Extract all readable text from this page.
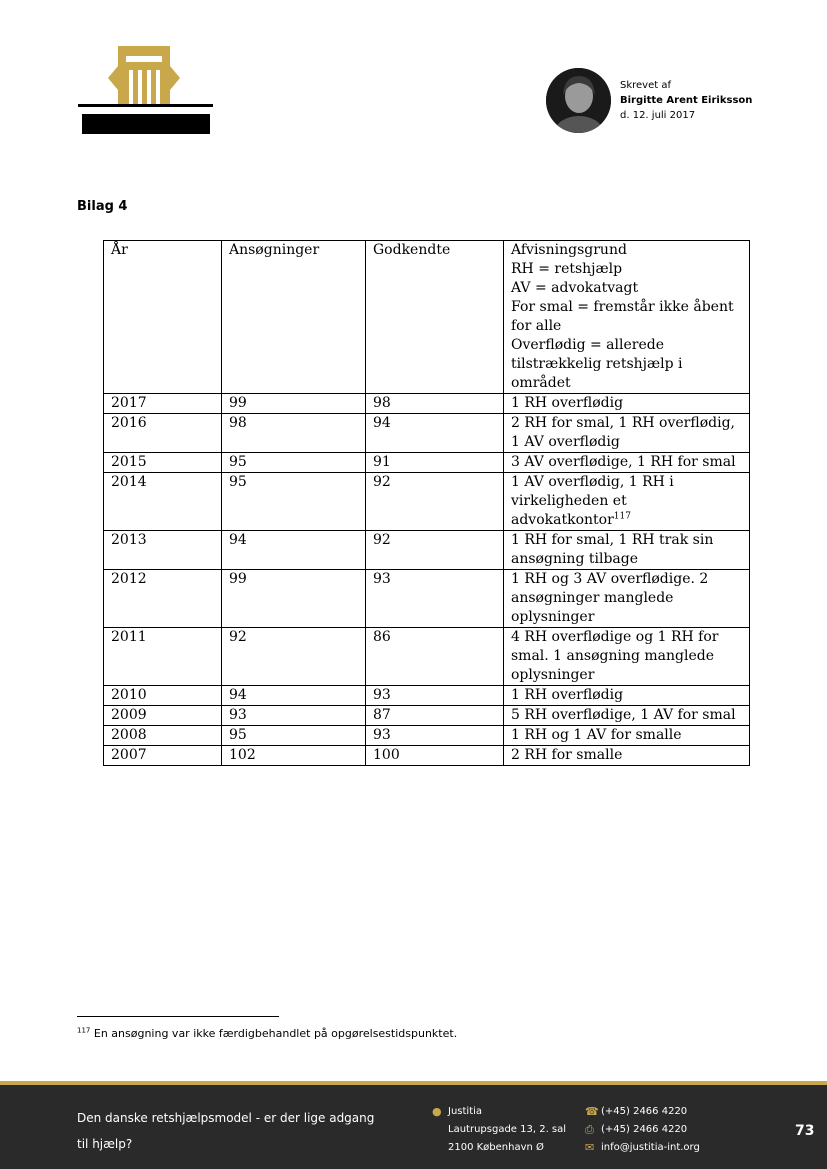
Skrevet af
Birgitte Arent Eiriksson
d. 12. juli 2017
Bilag 4
År	Ansøgninger	Godkendte	Afvisningsgrund
RH = retshjælp
AV = advokatvagt
For smal = fremstår ikke åbent for alle
Overflødig = allerede tilstrækkelig retshjælp i området

2017	99	98	1 RH overflødig
2016	98	94	2 RH for smal, 1 RH overflødig, 1 AV overflødig
2015	95	91	3 AV overflødige, 1 RH for smal
2014	95	92	1 AV overflødig, 1 RH i virkeligheden et advokatkontor$^{117}$
2013	94	92	1 RH for smal, 1 RH trak sin ansøgning tilbage
2012	99	93	1 RH og 3 AV overflødige. 2 ansøgninger manglede oplysninger
2011	92	86	4 RH overflødige og 1 RH for smal. 1 ansøgning manglede oplysninger
2010	94	93	1 RH overflødig
2009	93	87	5 RH overflødige, 1 AV for smal
2008	95	93	1 RH og 1 AV for smalle
2007	102	100	2 RH for smalle
$^{117}$ En ansøgning var ikke færdigbehandlet på opgørelsestidspunktet.
Den danske retshjælpsmodel - er der lige adgang til hjælp?
● Justitia
Lautrupsgade 13, 2. sal
2100 København Ø
☎ (+45) 2466 4220
⎙ (+45) 2466 4220
✉ info@justitia-int.org
73
